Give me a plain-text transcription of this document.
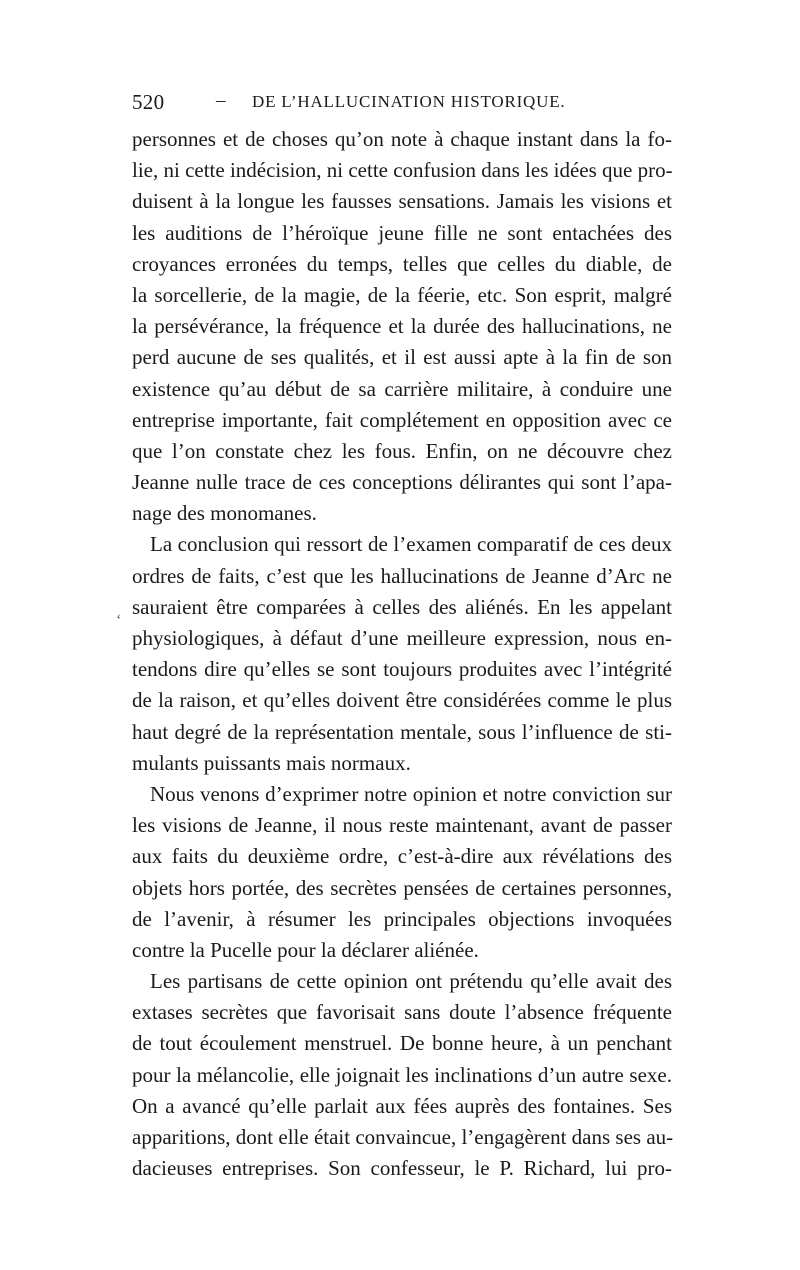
520	– DE L’HALLUCINATION HISTORIQUE.
‘
personnes et de choses qu’on note à chaque instant dans la fo-
lie, ni cette indécision, ni cette confusion dans les idées que pro-
duisent à la longue les fausses sensations. Jamais les visions et
les auditions de l’héroïque jeune fille ne sont entachées des
croyances erronées du temps, telles que celles du diable, de
la sorcellerie, de la magie, de la féerie, etc. Son esprit, malgré
la persévérance, la fréquence et la durée des hallucinations, ne
perd aucune de ses qualités, et il est aussi apte à la fin de son
existence qu’au début de sa carrière militaire, à conduire une
entreprise importante, fait complétement en opposition avec ce
que l’on constate chez les fous. Enfin, on ne découvre chez
Jeanne nulle trace de ces conceptions délirantes qui sont l’apa-
nage des monomanes.
La conclusion qui ressort de l’examen comparatif de ces deux
ordres de faits, c’est que les hallucinations de Jeanne d’Arc ne
sauraient être comparées à celles des aliénés. En les appelant
physiologiques, à défaut d’une meilleure expression, nous en-
tendons dire qu’elles se sont toujours produites avec l’intégrité
de la raison, et qu’elles doivent être considérées comme le plus
haut degré de la représentation mentale, sous l’influence de sti-
mulants puissants mais normaux.
Nous venons d’exprimer notre opinion et notre conviction sur
les visions de Jeanne, il nous reste maintenant, avant de passer
aux faits du deuxième ordre, c’est-à-dire aux révélations des
objets hors portée, des secrètes pensées de certaines personnes,
de l’avenir, à résumer les principales objections invoquées
contre la Pucelle pour la déclarer aliénée.
Les partisans de cette opinion ont prétendu qu’elle avait des
extases secrètes que favorisait sans doute l’absence fréquente
de tout écoulement menstruel. De bonne heure, à un penchant
pour la mélancolie, elle joignait les inclinations d’un autre sexe.
On a avancé qu’elle parlait aux fées auprès des fontaines. Ses
apparitions, dont elle était convaincue, l’engagèrent dans ses au-
dacieuses entreprises. Son confesseur, le P. Richard, lui pro-
